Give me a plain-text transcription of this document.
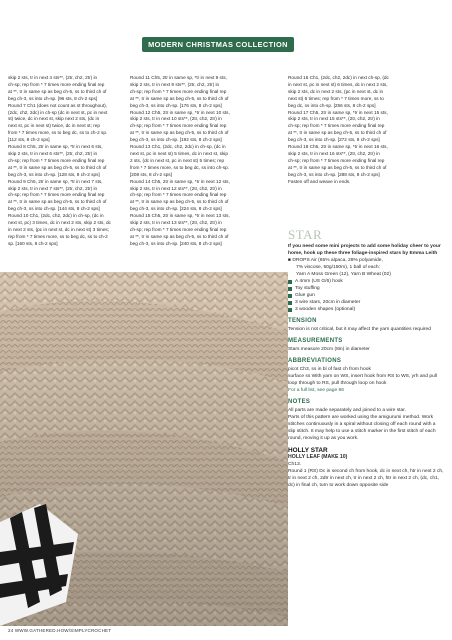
MODERN CHRISTMAS COLLECTION

skip 2 sts, tr in next 4 sts**, (2tr, ch2, 2tr) in
ch-sp; rep from * 7 times more ending final rep
at **, tr in same sp as beg ch-5, ss to third ch of
beg ch-3, ss into ch-sp. [96 sts, 8 ch-2 sps]
Round 7 Ch1 (does not count as st throughout),
(2dc, ch2, 2dc) in ch-sp (dc in next st, pc in next
st) twice, dc in next st, skip next 2 sts, (dc in
next st, pc in next st) twice, dc in next st; rep
from * 7 times more, ss to beg dc, ss to ch-2 sp.
[112 sts, 8 ch-2 sps]
Round 8 Ch5, 2tr in same sp, *tr in next 6 sts,
skip 2 sts, tr in next 6 sts**, (2tr, ch2, 2tr) in
ch-sp; rep from * 7 times more ending final rep
at **, tr in same sp as beg ch-5, ss to third ch of
beg ch-3, ss into ch-sp. [128 sts, 8 ch-2 sps]
Round 9 Ch5, 2tr in same sp, *tr in next 7 sts,
skip 2 sts, tr in next 7 sts**, (2tr, ch2, 2tr) in
ch-sp; rep from * 7 times more ending final rep
at **, tr in same sp as beg ch-5, ss to third ch of
beg ch-3, ss into ch-sp. [144 sts, 8 ch-2 sps]
Round 10 Ch1, (2dc, ch2, 2dc) in ch-sp, (dc in
next st, pc) 3 times, dc in next 2 sts, skip 2 sts, dc
in next 2 sts, (pc in next st, dc in next st) 3 times;
rep from * 7 times more, ss to beg dc, ss to ch-2
sp. [160 sts, 8 ch-2 sps]

Round 11 Ch5, 2tr in same sp, *tr in next 9 sts,
skip 2 sts, tr in next 9 sts**, (2tr, ch2, 2tr) in
ch-sp; rep from * 7 times more ending final rep
at **, tr in same sp as beg ch-5, ss to third ch of
beg ch-3, ss into ch-sp. [176 sts, 8 ch-2 sps]
Round 12 Ch5, 2tr in same sp, *tr in next 10 sts,
skip 2 sts, tr in next 10 sts**, (2tr, ch2, 2tr) in
ch-sp; rep from * 7 times more ending final rep
at **, tr in same sp as beg ch-5, ss to third ch of
beg ch-3, ss into ch-sp. [192 sts, 8 ch-2 sps]
Round 13 Ch1, (2dc, ch2, 2dc) in ch-sp, (dc in
next st, pc in next st) 5 times, dc in next st, skip
2 sts, (dc in next st, pc in next st) 5 times; rep
from * 7 times more, ss to beg dc, ss into ch-sp.
[208 sts, 8 ch-2 sps]
Round 14 Ch5, 2tr in same sp, *tr in next 12 sts,
skip 2 sts, tr in next 12 sts**, (2tr, ch2, 2tr) in
ch-sp; rep from * 7 times more ending final rep
at **, tr in same sp as beg ch-5, ss to third ch of
beg ch-3, ss into ch-sp. [224 sts, 8 ch-2 sps]
Round 15 Ch5, 2tr in same sp, *tr in next 13 sts,
skip 2 sts, tr in next 13 sts**, (2tr, ch2, 2tr) in
ch-sp; rep from * 7 times more ending final rep
at **, tr in same sp as beg ch-5, ss to third ch of
beg ch-3, ss into ch-sp. [240 sts, 8 ch-2 sps]

Round 16 Ch1, (2dc, ch2, 2dc) in next ch-sp, (dc
in next st, pc in next st) 6 times, dc in next 2 sts,
skip 2 sts, dc in next 2 sts, (pc in next st, dc in
next st) 6 times; rep from * 7 times more, ss to
beg dc, ss into ch-sp. [256 sts, 8 ch-2 sps]
Round 17 Ch5, 2tr in same sp, *tr in next 15 sts,
skip 2 sts, tr in next 15 sts**, (2tr, ch2, 2tr) in
ch-sp; rep from * 7 times more ending final rep
at **, tr in same sp as beg ch-5, ss to third ch of
beg ch-3, ss into ch-sp. [272 sts, 8 ch-2 sps]
Round 18 Ch5, 2tr in same sp, *tr in next 16 sts,
skip 2 sts, tr in next 16 sts**, (2tr, ch2, 2tr) in
ch-sp; rep from * 7 times more ending final rep
at **, tr in same sp as beg ch-5, ss to third ch of
beg ch-3, ss into ch-sp. [288 sts, 8 ch-2 sps]
Fasten off and weave in ends.

STAR

If you need some mini projects to add some holiday cheer to your home, hook up these three foliage-inspired stars by Emma Leith

■ DROPS Air (65% alpaca, 28% polyamide,

7% viscose, 50g/150m), 1 ball of each:

Yarn A Moss Green (12), Yarn B Wheat (02)

A 4mm (US G/6) hook

Toy stuffing

Glue gun

3 wire stars, 20cm in diameter

3 wooden shapes (optional)

TENSION

Tension is not critical, but it may affect the yarn quantities required

MEASUREMENTS

Stars measure 20cm (8in) in diameter

ABBREVIATIONS

picot Ch3, ss in bl of fast ch from hook

surface ss With yarn on WS, insert hook from RS to WS, yrh and pull loop through to RS, pull through loop on hook

For a full list, see page 86

NOTES

All parts are made separately and joined to a wire star.

Parts of this pattern are worked using the amigurumi method. Work stitches continuously in a spiral without closing off each round with a slip stitch. It may help to use a stitch marker in the first stitch of each round, moving it up as you work.

HOLLY STAR

HOLLY LEAF (MAKE 10)

Ch13.

Round 1 (RS) Dc in second ch from hook, dc in next ch, htr in next 2 ch, tr in next 2 ch, 2dtr in next ch, tr in next 2 ch, htr in next 2 ch, (dc, ch1, dc) in final ch, turn to work down opposite side

24 WWW.GATHERED.HOW/SIMPLYCROCHET
